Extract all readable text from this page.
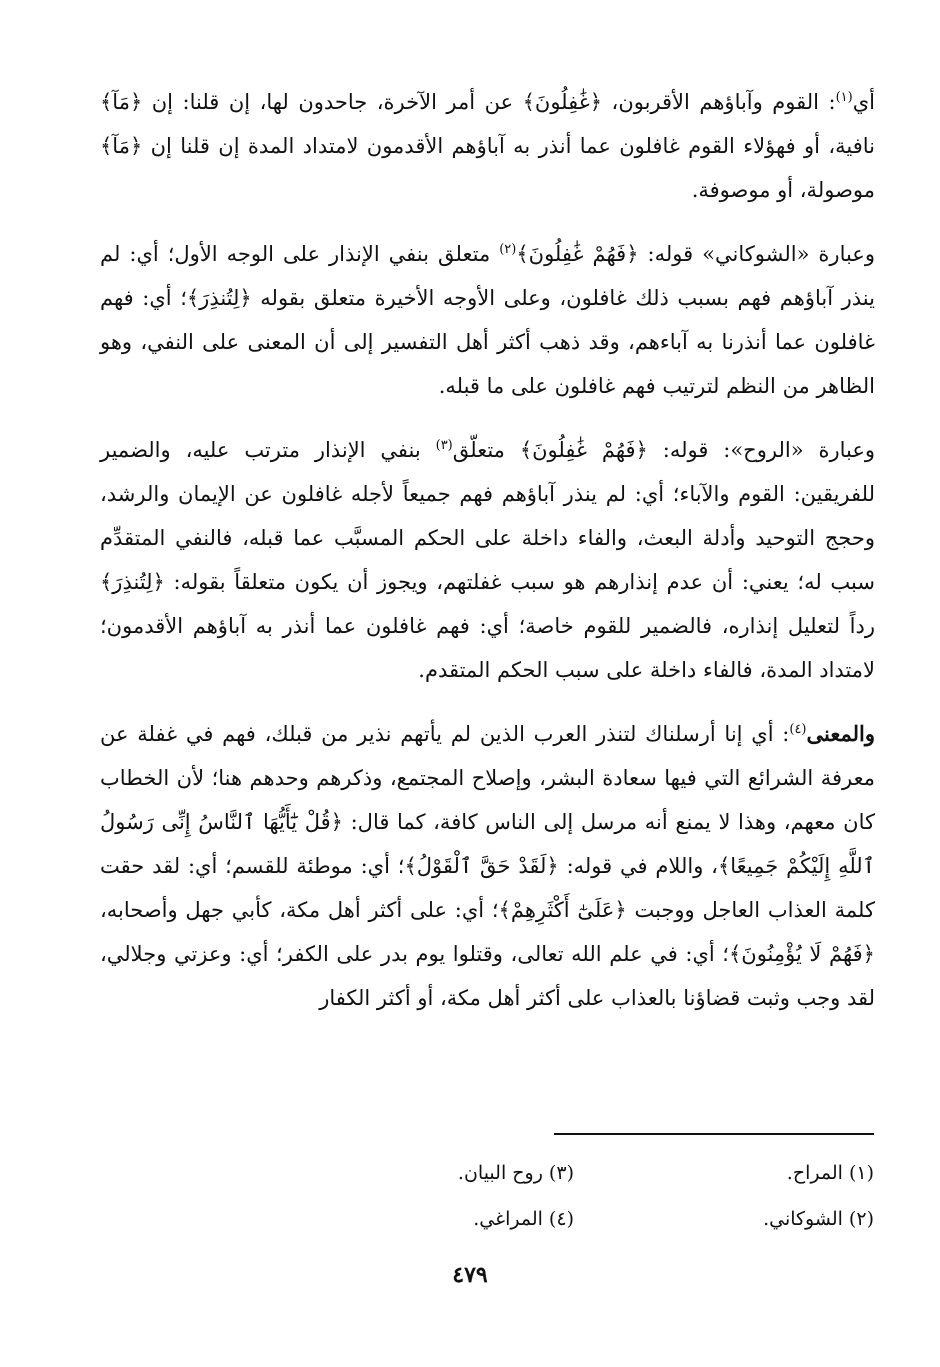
أي$^{(١)}$: القوم وآباؤهم الأقربون، ﴿غَٰفِلُونَ﴾ عن أمر الآخرة، جاحدون لها، إن قلنا: إن ﴿مَآ﴾ نافية، أو فهؤلاء القوم غافلون عما أنذر به آباؤهم الأقدمون لامتداد المدة إن قلنا إن ﴿مَآ﴾ موصولة، أو موصوفة.

وعبارة «الشوكاني» قوله: ﴿فَهُمْ غَٰفِلُونَ﴾$^{(٢)}$ متعلق بنفي الإنذار على الوجه الأول؛ أي: لم ينذر آباؤهم فهم بسبب ذلك غافلون، وعلى الأوجه الأخيرة متعلق بقوله ﴿لِتُنذِرَ﴾؛ أي: فهم غافلون عما أنذرنا به آباءهم، وقد ذهب أكثر أهل التفسير إلى أن المعنى على النفي، وهو الظاهر من النظم لترتيب فهم غافلون على ما قبله.

وعبارة «الروح»: قوله: ﴿فَهُمْ غَٰفِلُونَ﴾ متعلّق$^{(٣)}$ بنفي الإنذار مترتب عليه، والضمير للفريقين: القوم والآباء؛ أي: لم ينذر آباؤهم فهم جميعاً لأجله غافلون عن الإيمان والرشد، وحجج التوحيد وأدلة البعث، والفاء داخلة على الحكم المسبَّب عما قبله، فالنفي المتقدِّم سبب له؛ يعني: أن عدم إنذارهم هو سبب غفلتهم، ويجوز أن يكون متعلقاً بقوله: ﴿لِتُنذِرَ﴾ رداً لتعليل إنذاره، فالضمير للقوم خاصة؛ أي: فهم غافلون عما أنذر به آباؤهم الأقدمون؛ لامتداد المدة، فالفاء داخلة على سبب الحكم المتقدم.

والمعنى$^{(٤)}$: أي إنا أرسلناك لتنذر العرب الذين لم يأتهم نذير من قبلك، فهم في غفلة عن معرفة الشرائع التي فيها سعادة البشر، وإصلاح المجتمع، وذكرهم وحدهم هنا؛ لأن الخطاب كان معهم، وهذا لا يمنع أنه مرسل إلى الناس كافة، كما قال: ﴿قُلْ يَٰٓأَيُّهَا ٱلنَّاسُ إِنِّى رَسُولُ ٱللَّهِ إِلَيْكُمْ جَمِيعًا﴾، واللام في قوله: ﴿لَقَدْ حَقَّ ٱلْقَوْلُ﴾؛ أي: موطئة للقسم؛ أي: لقد حقت كلمة العذاب العاجل ووجبت ﴿عَلَىٰٓ أَكْثَرِهِمْ﴾؛ أي: على أكثر أهل مكة، كأبي جهل وأصحابه، ﴿فَهُمْ لَا يُؤْمِنُونَ﴾؛ أي: في علم الله تعالى، وقتلوا يوم بدر على الكفر؛ أي: وعزتي وجلالي، لقد وجب وثبت قضاؤنا بالعذاب على أكثر أهل مكة، أو أكثر الكفار

(١) المراح.
(٣) روح البيان.
(٢) الشوكاني.
(٤) المراغي.
٤٧٩
